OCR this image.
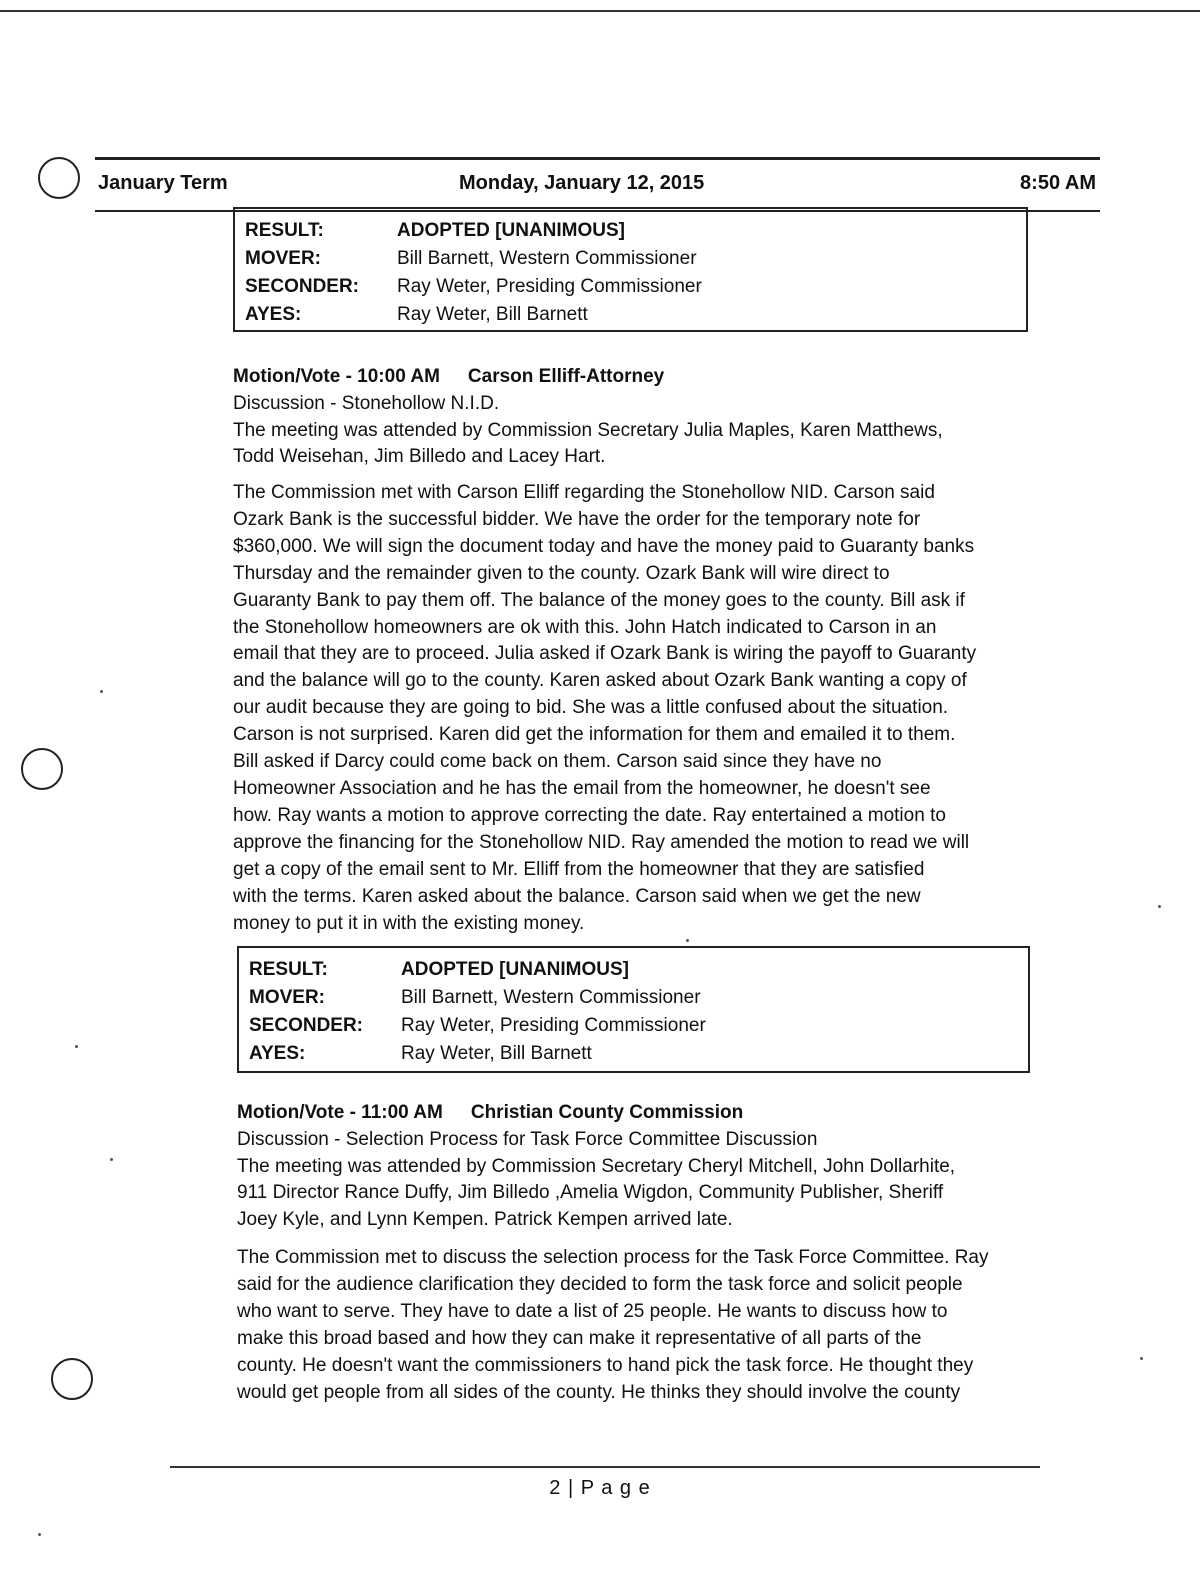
January Term	Monday, January 12, 2015	8:50 AM
RESULT:	ADOPTED [UNANIMOUS]
MOVER:	Bill Barnett, Western Commissioner
SECONDER: Ray Weter, Presiding Commissioner
AYES:	Ray Weter, Bill Barnett
Motion/Vote - 10:00 AM Carson Elliff-Attorney
Discussion - Stonehollow N.I.D.
The meeting was attended by Commission Secretary Julia Maples, Karen Matthews,
Todd Weisehan, Jim Billedo and Lacey Hart.
The Commission met with Carson Elliff regarding the Stonehollow NID. Carson said
Ozark Bank is the successful bidder. We have the order for the temporary note for
$360,000. We will sign the document today and have the money paid to Guaranty banks
Thursday and the remainder given to the county. Ozark Bank will wire direct to
Guaranty Bank to pay them off. The balance of the money goes to the county. Bill ask if
the Stonehollow homeowners are ok with this. John Hatch indicated to Carson in an
email that they are to proceed. Julia asked if Ozark Bank is wiring the payoff to Guaranty
and the balance will go to the county. Karen asked about Ozark Bank wanting a copy of
our audit because they are going to bid. She was a little confused about the situation.
Carson is not surprised. Karen did get the information for them and emailed it to them.
Bill asked if Darcy could come back on them. Carson said since they have no
Homeowner Association and he has the email from the homeowner, he doesn't see
how. Ray wants a motion to approve correcting the date. Ray entertained a motion to
approve the financing for the Stonehollow NID. Ray amended the motion to read we will
get a copy of the email sent to Mr. Elliff from the homeowner that they are satisfied
with the terms. Karen asked about the balance. Carson said when we get the new
money to put it in with the existing money.
RESULT:	ADOPTED [UNANIMOUS]
MOVER:	Bill Barnett, Western Commissioner
SECONDER: Ray Weter, Presiding Commissioner
AYES:	Ray Weter, Bill Barnett
Motion/Vote - 11:00 AM Christian County Commission
Discussion - Selection Process for Task Force Committee Discussion
The meeting was attended by Commission Secretary Cheryl Mitchell, John Dollarhite,
911 Director Rance Duffy, Jim Billedo ,Amelia Wigdon, Community Publisher, Sheriff
Joey Kyle, and Lynn Kempen. Patrick Kempen arrived late.
The Commission met to discuss the selection process for the Task Force Committee. Ray
said for the audience clarification they decided to form the task force and solicit people
who want to serve. They have to date a list of 25 people. He wants to discuss how to
make this broad based and how they can make it representative of all parts of the
county. He doesn't want the commissioners to hand pick the task force. He thought they
would get people from all sides of the county. He thinks they should involve the county
2 | P a g e
